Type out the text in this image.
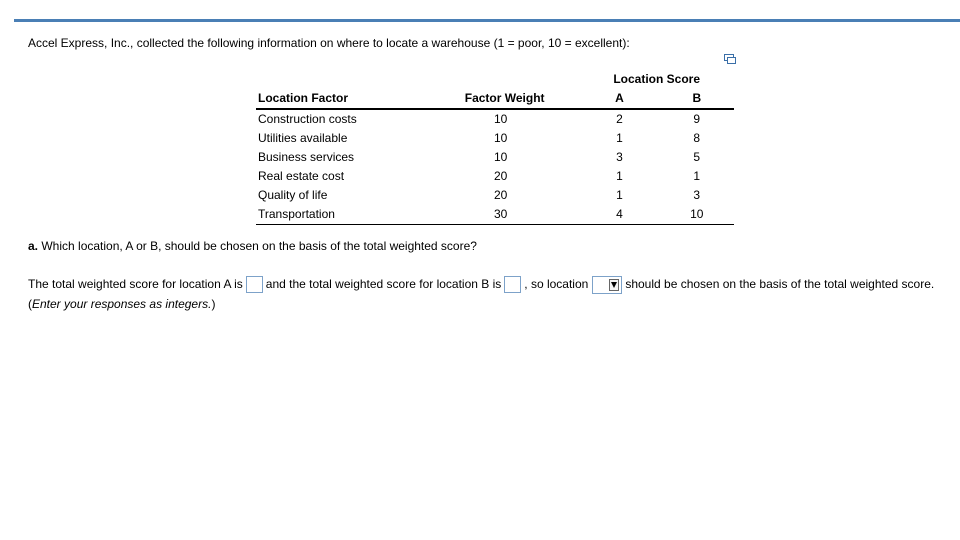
Accel Express, Inc., collected the following information on where to locate a warehouse (1 = poor, 10 = excellent):
		Location Score	
Location Factor	Factor Weight	A	B
Construction costs	10	2	9
Utilities available	10	1	8
Business services	10	3	5
Real estate cost	20	1	1
Quality of life	20	1	3
Transportation	30	4	10
a. Which location, A or B, should be chosen on the basis of the total weighted score?
The total weighted score for location A is and the total weighted score for location B is , so location	should be chosen on the basis of the total weighted score. (Enter your responses as integers.)
